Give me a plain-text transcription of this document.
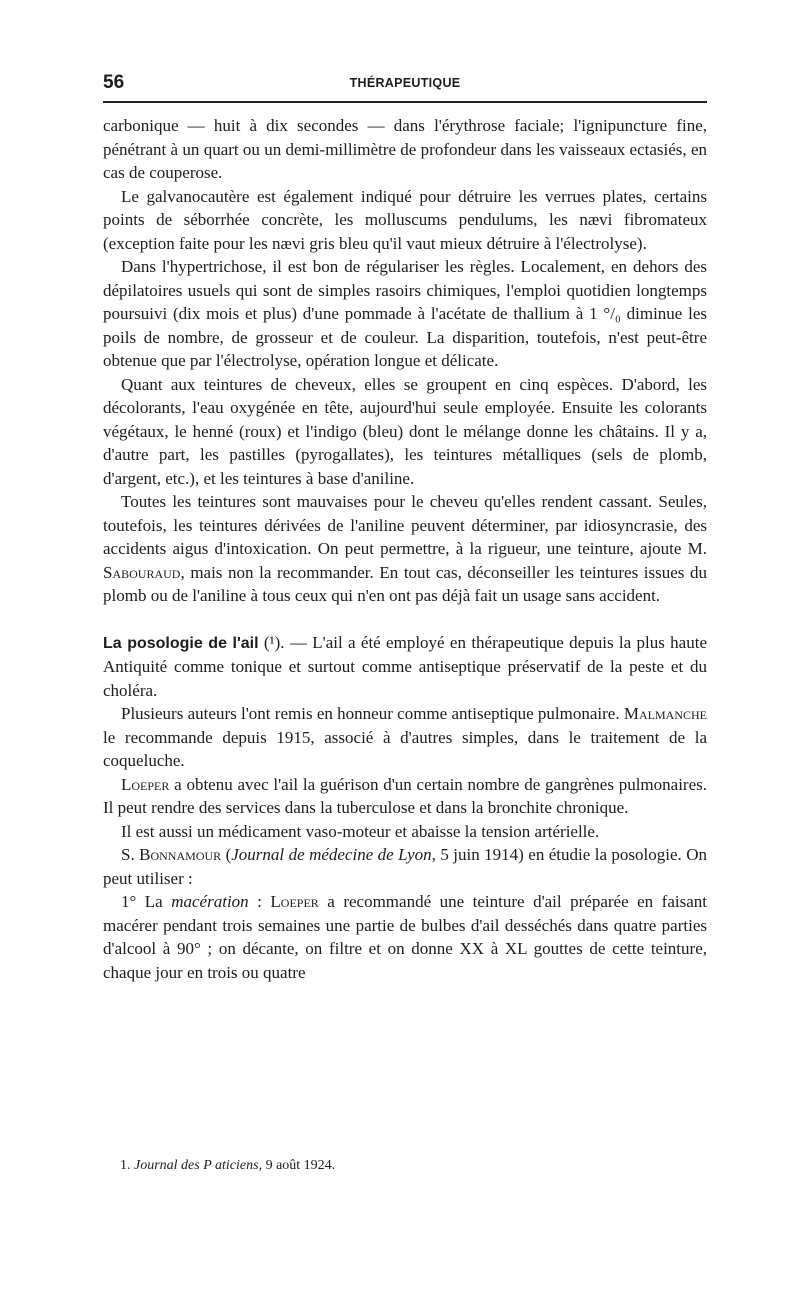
56	THÉRAPEUTIQUE

carbonique — huit à dix secondes — dans l'érythrose faciale; l'ignipuncture fine, pénétrant à un quart ou un demi-millimètre de profondeur dans les vaisseaux ectasiés, en cas de couperose.

Le galvanocautère est également indiqué pour détruire les verrues plates, certains points de séborrhée concrète, les molluscums pendulums, les nævi fibromateux (exception faite pour les nævi gris bleu qu'il vaut mieux détruire à l'électrolyse).

Dans l'hypertrichose, il est bon de régulariser les règles. Localement, en dehors des dépilatoires usuels qui sont de simples rasoirs chimiques, l'emploi quotidien longtemps poursuivi (dix mois et plus) d'une pommade à l'acétate de thallium à 1 °/₀ diminue les poils de nombre, de grosseur et de couleur. La disparition, toutefois, n'est peut-être obtenue que par l'électrolyse, opération longue et délicate.

Quant aux teintures de cheveux, elles se groupent en cinq espèces. D'abord, les décolorants, l'eau oxygénée en tête, aujourd'hui seule employée. Ensuite les colorants végétaux, le henné (roux) et l'indigo (bleu) dont le mélange donne les châtains. Il y a, d'autre part, les pastilles (pyrogallates), les teintures métalliques (sels de plomb, d'argent, etc.), et les teintures à base d'aniline.

Toutes les teintures sont mauvaises pour le cheveu qu'elles rendent cassant. Seules, toutefois, les teintures dérivées de l'aniline peuvent déterminer, par idiosyncrasie, des accidents aigus d'intoxication. On peut permettre, à la rigueur, une teinture, ajoute M. Sabouraud, mais non la recommander. En tout cas, déconseiller les teintures issues du plomb ou de l'aniline à tous ceux qui n'en ont pas déjà fait un usage sans accident.

La posologie de l'ail (¹). — L'ail a été employé en thérapeutique depuis la plus haute Antiquité comme tonique et surtout comme antiseptique préservatif de la peste et du choléra.

Plusieurs auteurs l'ont remis en honneur comme antiseptique pulmonaire. Malmanche le recommande depuis 1915, associé à d'autres simples, dans le traitement de la coqueluche.

Loeper a obtenu avec l'ail la guérison d'un certain nombre de gangrènes pulmonaires. Il peut rendre des services dans la tuberculose et dans la bronchite chronique.

Il est aussi un médicament vaso-moteur et abaisse la tension artérielle.

S. Bonnamour (Journal de médecine de Lyon, 5 juin 1914) en étudie la posologie. On peut utiliser :

1° La macération : Loeper a recommandé une teinture d'ail préparée en faisant macérer pendant trois semaines une partie de bulbes d'ail desséchés dans quatre parties d'alcool à 90° ; on décante, on filtre et on donne XX à XL gouttes de cette teinture, chaque jour en trois ou quatre

1. Journal des P aticiens, 9 août 1924.
